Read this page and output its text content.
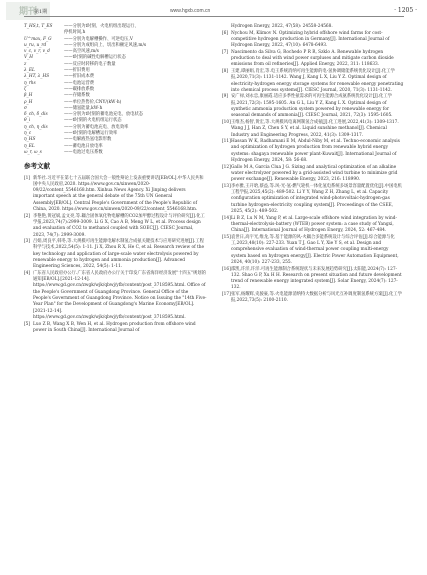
期刊
第1期	www.hgxb.com.cn	· 1205 ·
T_HS,t, T_ES	——分别为t时刻、火电机组出现运行、
停机时间,h
U^max, F_G	——分别为电解槽操作、可逆电压,V
u_ru, u_rd	——分别为成组向上、切出和额定风速,m/s
v_c, v_r, v_d	——高空风速,m/s
V_H	——t时刻的碱性电解槽运行状态
z	——反应时转移的电子数量
λ_EL	——折旧费用
λ_HT, λ_HS	——折旧成本费
η_rhs	——电池运营费
ζ	——碳排放系数
β_H	——存储系数
ρ_H	——单位热售价,CNY/(kW·h)
σ	——储氢能量,kW·h
δ_ch, δ_dis	——分别为t时刻的蓄电池充电、放电状态
θ_i	——t时刻的火电机组运行状态
η_ch, η_dis	——分别为蓄电池充电、放电效率
η_c	——t时刻的电解槽运行效率
η_HS	——电解液热氢电影形数
η_EL	——蓄电池日放电率
ω_r, ω_s	——电池过电压系数
参考文献
[1] 新华社.习近平在第七十五届联合国大会一般性辩论上发表重要讲话[EB/OL].中华人民共和国中央人民政府,2020. https://www.gov.cn/xinwen/2020-09/22/content_5546168.htm. Xinhua News Agency. Xi Jinping delivers important speech at the general debate of the 75th UN General Assembly[EB/OL]. Central People's Government of the People's Republic of China, 2020. https://www.gov.cn/xinwen/2020-09/22/content_5546168.htm.
[2] 李艳艳,黄冠斌,孟文亮,等.耦合固体氧化物电解槽的CO2加甲醇过程设计与评价研究[J].化工学报,2023,74(7):2999-3009. Li G X, Cao A B, Meng W L, et al. Process design and evaluation of CO2 to methanol coupled with SOEC[J]. CIESC Journal, 2023, 74(7): 2999-3009.
[3] 吕娟,周良平,韩冬,等.大规模可再生能源电解水制氢合成氨关键技术与应用研究进展[J].工程科学与技术,2022,54(5): 1-11. Ji X, Zhou R X, He C, et al. Research review of the key technology and application of large-scale water electrolysis powered by renewable energy to hydrogen and ammonia production[J]. Advanced Engineering Sciences, 2022, 54(5): 1-11.
[4] 广东省人民政府办公厅.广东省人民政府办公厅关于印发广东省海洋经济发展"十四五"规划的通知[EB/OL].[2021-12-14]. https://www.gd.gov.cn/zwgk/wjk/qbwj/yfb/content/post_3718595.html. Office of the People's Government of Guangdong Province. General Office of the People's Government of Guangdong Province. Notice on Issuing the "14th Five-Year Plan" for the Development of Guangdong's Marine Economy[EB/OL]. [2021-12-14]. https://www.gd.gov.cn/zwgk/wjk/qbwj/yfb/content/post_3718595.html.
[5] Luo Z B, Wang X B, Wen H, et al. Hydrogen production from offshore wind power in South China[J]. International Journal of
Hydrogen Energy, 2022, 47(58): 24558-24568.
[6] Nychou M, Klimov N. Optimizing hybrid offshore wind farms for cost-competitive hydrogen production in Germany[J]. International Journal of Hydrogen Energy, 2022, 47(10): 6478-6493.
[7] Nascimento da Silva G, Rochedo P R R, Szklo A. Renewable hydrogen production to deal with wind power surpluses and mitigate carbon dioxide emissions from oil refineries[J]. Applied Energy, 2022, 311: 118633.
[8] 王建,谭丽娟,肖宏,等.电王系统消纳可再生能源的电-氢协调储能系统优化设计[J].化工学报,2020,71(3): 1131-1142. Wang J, Kang L X, Liu Y Z. Optimal design of electricity-hydrogen energy storage systems for renewable energy penetrating into chemical process systems[J]. CIESC Journal, 2020, 71(3): 1131-1142.
[9] 安广禄,刘永忠,康丽霞.适应多季性氨需求的可再生能源合成氨系统优化设计[J].化工学报,2021,72(3): 1595-1605. An G L, Liu Y Z, Kang L X. Optimal design of synthetic ammonia production system powered by renewable energy for seasonal demands of ammonia[J]. CIESC Journal, 2021, 72(3): 1595-1605.
[10]王维杰,杨智,黄宏,等.大规模风电离网制氢合成氨[J].化工进展,2022,41(3): 1309-1317. Wang J J, Han Z, Chen S Y, et al. Liquid sunshine methanol[J]. Chemical Industry and Engineering Progress, 2022, 41(3): 1309-1317.
[11]Hassan W K, Radhamani E M, Abdul-Niby M, et al. Techno-economic analysis and optimization of hydrogen production from renewable hybrid energy systems: shagaya renewable power plant-Kuwait[J]. International Journal of Hydrogen Energy, 2024, 58: 56-68.
[12]Gallo M A, Garcia Clua J G. Sizing and analytical optimization of an alkaline water electrolyzer powered by a grid-assisted wind turbine to minimize grid power exchange[J]. Renewable Energy, 2023, 216: 118990.
[13]李亦雅,王开晗,蔡益,等.风-光-氢-燃气轮机一体化氢电系统多场景容量配置优化[J].中国电机工程学报,2025,45(2): 489-502. Li Y Y, Wang Z H, Zhang L, et al. Capacity configuration optimization of integrated wind-photovoltaic-hydrogen-gas turbine hydrogen-electricity coupling system[J]. Proceedings of the CSEE, 2025, 45(2): 489-502.
[14]Li B Z, Lu N M, Yang P, et al. Large-scale offshore wind integration by wind-thermal-electrolysis-battery (WTEB) power system: a case study of Yangxi, China[J]. International Journal of Hydrogen Energy, 2024, 52: 467-484.
[15]袁世日,高宇光,维龙,等.基于能源的风-火耦合多能系统设计与综合评估[J].综合能源与化工,2023,48(10): 227-233. Yuan T J, Gao L Y, Xie Y S, et al. Design and comprehensive evaluation of wind-thermal power coupling multi-energy system based on hydrogen energy[J]. Electric Power Automation Equipment, 2024, 40(10): 227-233, 255.
[16]邵凯,许洋,许洋.可再生能源制合系统现状与未来发展趋势研究[J].太阳能,2024(7): 127-132. Shao G P, Xu H H. Research on present situation and future development trend of renewable energy integrated system[J]. Solar Energy, 2024(7): 127-132.
[17]张军,杨耀辉,史骏豪,等.火电能源消纳特大数据分析与风光互补调度制氢系统方案[J].化工学报,2022,73(5): 2100-2110.
